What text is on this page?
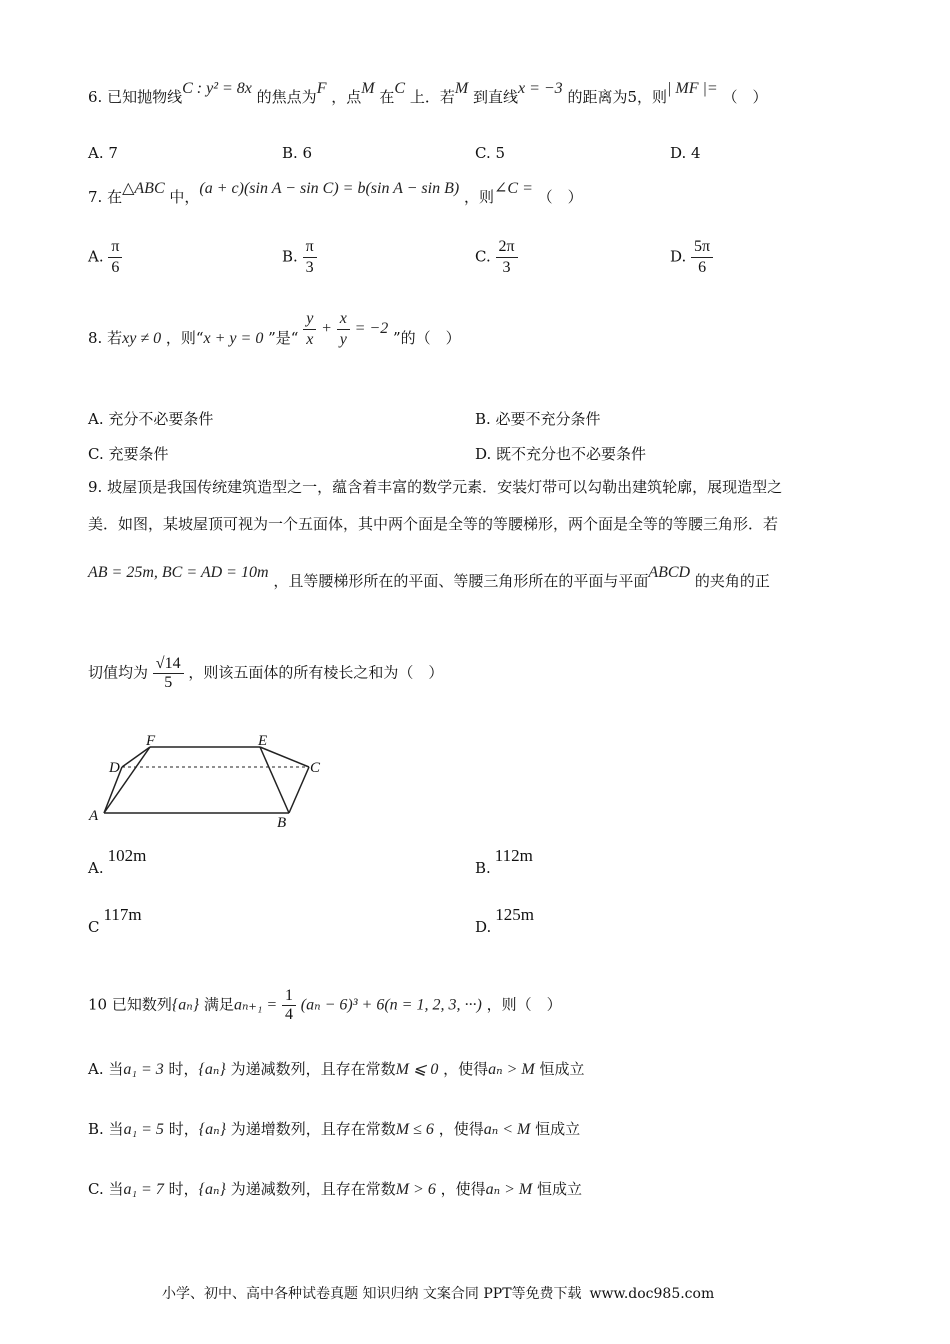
6. 已知抛物线C : y² = 8x 的焦点为F ，点M 在C 上．若M 到直线x = −3 的距离为5，则| MF |= （　）
A. 7	B. 6	C. 5	D. 4
7. 在△ABC 中，(a + c)(sin A − sin C) = b(sin A − sin B) ，则∠C = （　）
A. $\frac{\pi}{6}$	B. $\frac{\pi}{3}$	C. $\frac{2\pi}{3}$	D. $\frac{5\pi}{6}$
8. 若xy ≠ 0 ，则“x + y = 0 ”是“ $\frac{y}{x} + \frac{x}{y} = -2$ ”的（　）
A. 充分不必要条件	B. 必要不充分条件
C. 充要条件	D. 既不充分也不必要条件
9. 坡屋顶是我国传统建筑造型之一，蕴含着丰富的数学元素．安装灯带可以勾勒出建筑轮廓，展现造型之
美．如图，某坡屋顶可视为一个五面体，其中两个面是全等的等腰梯形，两个面是全等的等腰三角形．若
AB = 25m, BC = AD = 10m ，且等腰梯形所在的平面、等腰三角形所在的平面与平面ABCD 的夹角的正
切值均为 $\frac{√14}{5}$ ，则该五面体的所有棱长之和为（　）
F	E
D	C
A	B
A.102m
B.112m
C117m
D.125m
10 已知数列{aₙ} 满足$a_{n+1} = \frac{1}{4} (a_n - 6)^3 + 6(n = 1$, 2, 3, ···) ，则（　）
A. 当a₁ = 3 时，{aₙ} 为递减数列，且存在常数M ⩽ 0 ，使得aₙ > M 恒成立
B. 当a₁ = 5 时，{aₙ} 为递增数列，且存在常数M ≤ 6 ，使得aₙ < M 恒成立
C. 当a₁ = 7 时，{aₙ} 为递减数列，且存在常数M > 6 ，使得aₙ > M 恒成立
小学、初中、高中各种试卷真题 知识归纳 文案合同 PPT等免费下载 www.doc985.com
